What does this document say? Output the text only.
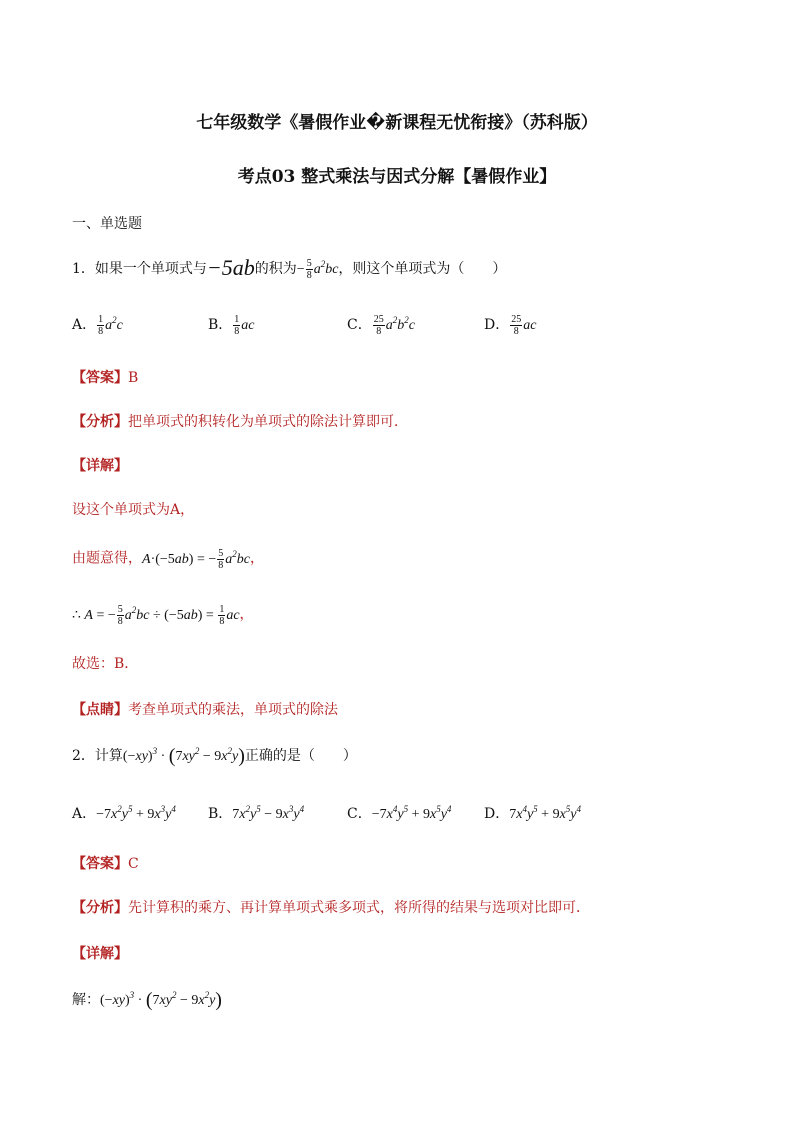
七年级数学《暑假作业�新课程无忧衔接》（苏科版）
考点03 整式乘法与因式分解【暑假作业】
一、单选题
1．如果一个单项式与−5ab的积为− $\frac{5}{8} a^2bc$，则这个单项式为（　　）
A． $\frac{1}{8} a^2c$	B． $\frac{1}{8}$ ac	C． $\frac{25}{8} a^2b^2c$	D． $\frac{25}{8}$ ac
【答案】B
【分析】把单项式的积转化为单项式的除法计算即可．
【详解】
设这个单项式为A，
由题意得，A·(−5ab) = − $\frac{5}{8} a^2bc$，
∴ A = − $\frac{5}{8} a^2bc \div (-5ab) = \frac{1}{8}$ ac，
故选：B．
【点睛】考查单项式的乘法，单项式的除法
2．计算$(-xy)^3 \cdot (7xy^2 - 9x^2y)$正确的是（　　）
A．$-7x^2y^5 + 9x^3y^4$ B．$7x^2y^5 - 9x^3y^4$	C．$-7x^4y^5 + 9x^5y^4$ D．$7x^4y^5 + 9x^5y^4$
【答案】C
【分析】先计算积的乘方、再计算单项式乘多项式，将所得的结果与选项对比即可．
【详解】
解：$(-xy)^3 \cdot (7xy^2 - 9x^2y)$
